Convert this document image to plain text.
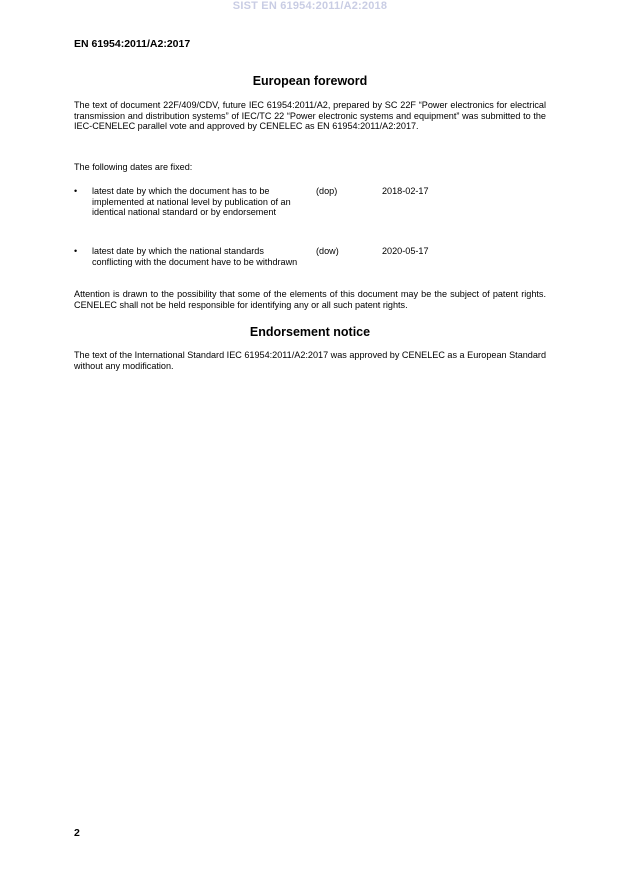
SIST EN 61954:2011/A2:2018
EN 61954:2011/A2:2017
European foreword
The text of document 22F/409/CDV, future IEC 61954:2011/A2, prepared by SC 22F “Power electronics for electrical transmission and distribution systems” of IEC/TC 22 “Power electronic systems and equipment” was submitted to the IEC-CENELEC parallel vote and approved by CENELEC as EN 61954:2011/A2:2017.
The following dates are fixed:
• latest date by which the document has to be implemented at national level by publication of an identical national standard or by endorsement
(dop)	2018-02-17
• latest date by which the national standards conflicting with the document have to be withdrawn
(dow)	2020-05-17
Attention is drawn to the possibility that some of the elements of this document may be the subject of patent rights. CENELEC shall not be held responsible for identifying any or all such patent rights.
Endorsement notice
The text of the International Standard IEC 61954:2011/A2:2017 was approved by CENELEC as a European Standard without any modification.
2
